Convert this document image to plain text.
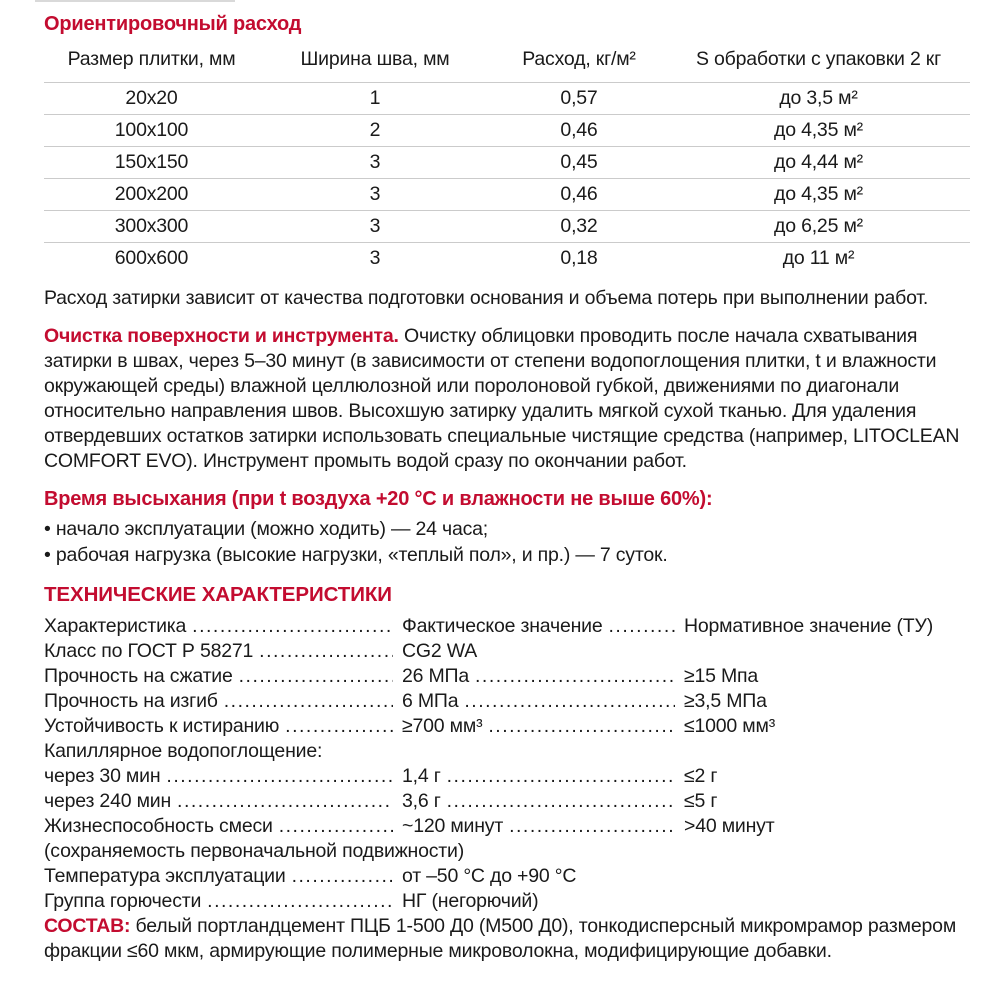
Ориентировочный расход
Размер плитки, мм	Ширина шва, мм	Расход, кг/м²	S обработки с упаковки 2 кг
20x20	1	0,57	до 3,5 м²
100x100	2	0,46	до 4,35 м²
150x150	3	0,45	до 4,44 м²
200x200	3	0,46	до 4,35 м²
300x300	3	0,32	до 6,25 м²
600x600	3	0,18	до 11 м²

Расход затирки зависит от качества подготовки основания и объема потерь при выполнении работ.

Очистка поверхности и инструмента. Очистку облицовки проводить после начала схватывания затирки в швах, через 5–30 минут (в зависимости от степени водопоглощения плитки, t и влажности окружающей среды) влажной целлюлозной или поролоновой губкой, движениями по диагонали относительно направления швов. Высохшую затирку удалить мягкой сухой тканью. Для удаления отвердевших остатков затирки использовать специальные чистящие средства (например, LITOCLEAN COMFORT EVO). Инструмент промыть водой сразу по окончании работ.

Время высыхания (при t воздуха +20 °C и влажности не выше 60%):
• начало эксплуатации (можно ходить) — 24 часа;
• рабочая нагрузка (высокие нагрузки, «теплый пол», и пр.) — 7 суток.
ТЕХНИЧЕСКИЕ ХАРАКТЕРИСТИКИ
Характеристика .....	Фактическое значение .....	Нормативное значение (ТУ)
Класс по ГОСТ Р 58271 .....	CG2 WA
Прочность на сжатие .....	26 МПа .....	≥15 Мпа
Прочность на изгиб .....	6 МПа .....	≥3,5 МПа
Устойчивость к истиранию .....	≥700 мм³ .....	≤1000 мм³
Капиллярное водопоглощение:
через 30 мин .....	1,4 г .....	≤2 г
через 240 мин .....	3,6 г .....	≤5 г
Жизнеспособность смеси .....	~120 минут .....	>40 минут
(сохраняемость первоначальной подвижности)
Температура эксплуатации .....	от –50 °C до +90 °C
Группа горючести .....	НГ (негорючий)

СОСТАВ: белый портландцемент ПЦБ 1-500 Д0 (М500 Д0), тонкодисперсный микромрамор размером фракции ≤60 мкм, армирующие полимерные микроволокна, модифицирующие добавки.
